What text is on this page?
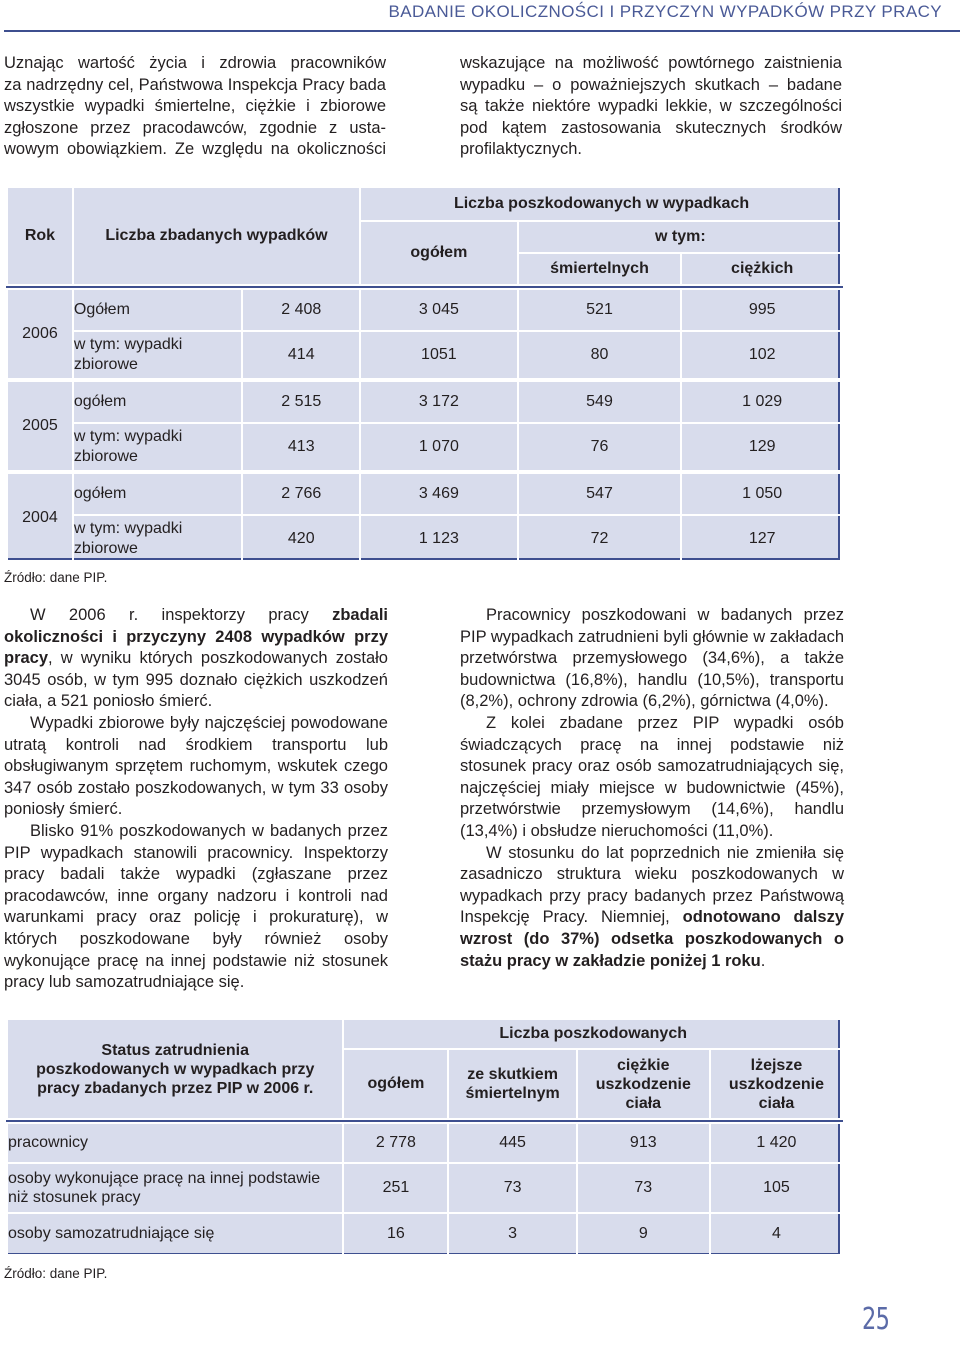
BADANIE OKOLICZNOŚCI I PRZYCZYN WYPADKÓW PRZY PRACY
Uznając wartość życia i zdrowia pracowników
za nadrzędny cel, Państwowa Inspekcja Pracy bada
wszystkie wypadki śmiertelne, ciężkie i zbiorowe
zgłoszone przez pracodawców, zgodnie z usta-
wowym obowiązkiem. Ze względu na okoliczności
wskazujące na możliwość powtórnego zaistnienia
wypadku – o poważniejszych skutkach – badane
są także niektóre wypadki lekkie, w szczególności
pod kątem zastosowania skutecznych środków
profilaktycznych.
Rok	Liczba zbadanych wypadków		Liczba poszkodowanych w wypadkach		
			ogółem	w tym:	
				śmiertelnych	ciężkich

2006	Ogółem	2 408	3 045	521	995
	w tym: wypadki zbiorowe	414	1051	80	102

2005	ogółem	2 515	3 172	549	1 029
	w tym: wypadki zbiorowe	413	1 070	76	129

2004	ogółem	2 766	3 469	547	1 050
	w tym: wypadki zbiorowe	420	1 123	72	127
Źródło: dane PIP.

W 2006 r. inspektorzy pracy zbadali okoliczności i przyczyny 2408 wypadków przy pracy, w wyniku których poszkodowanych zostało 3045 osób, w tym 995 doznało ciężkich uszkodzeń ciała, a 521 poniosło śmierć.

Wypadki zbiorowe były najczęściej powodowane utratą kontroli nad środkiem transportu lub obsługiwanym sprzętem ruchomym, wskutek czego 347 osób zostało poszkodowanych, w tym 33 osoby poniosły śmierć.

Blisko 91% poszkodowanych w badanych przez PIP wypadkach stanowili pracownicy. Inspektorzy pracy badali także wypadki (zgłaszane przez pracodawców, inne organy nadzoru i kontroli nad warunkami pracy oraz policję i prokuraturę), w których poszkodowane były również osoby wykonujące pracę na innej podstawie niż stosunek pracy lub samozatrudniające się.

Pracownicy poszkodowani w badanych przez PIP wypadkach zatrudnieni byli głównie w zakładach przetwórstwa przemysłowego (34,6%), a także budownictwa (16,8%), handlu (10,5%), transportu (8,2%), ochrony zdrowia (6,2%), górnictwa (4,0%).

Z kolei zbadane przez PIP wypadki osób świadczących pracę na innej podstawie niż stosunek pracy oraz osób samozatrudniających się, najczęściej miały miejsce w budownictwie (45%), przetwórstwie przemysłowym (14,6%), handlu (13,4%) i obsłudze nieruchomości (11,0%).

W stosunku do lat poprzednich nie zmieniła się zasadniczo struktura wieku poszkodowanych w wypadkach przy pracy badanych przez Państwową Inspekcję Pracy. Niemniej, odnotowano dalszy wzrost (do 37%) odsetka poszkodowanych o stażu pracy w zakładzie poniżej 1 roku.

Status zatrudnienia poszkodowanych w wypadkach przy pracy zbadanych przez PIP w 2006 r.	Liczba poszkodowanych			
	ogółem	ze skutkiem śmiertelnym	ciężkie uszkodzenie ciała	lżejsze uszkodzenie ciała

pracownicy	2 778	445	913	1 420
osoby wykonujące pracę na innej podstawie niż stosunek pracy	251	73	73	105
osoby samozatrudniające się	16	3	9	4
Źródło: dane PIP.
25
